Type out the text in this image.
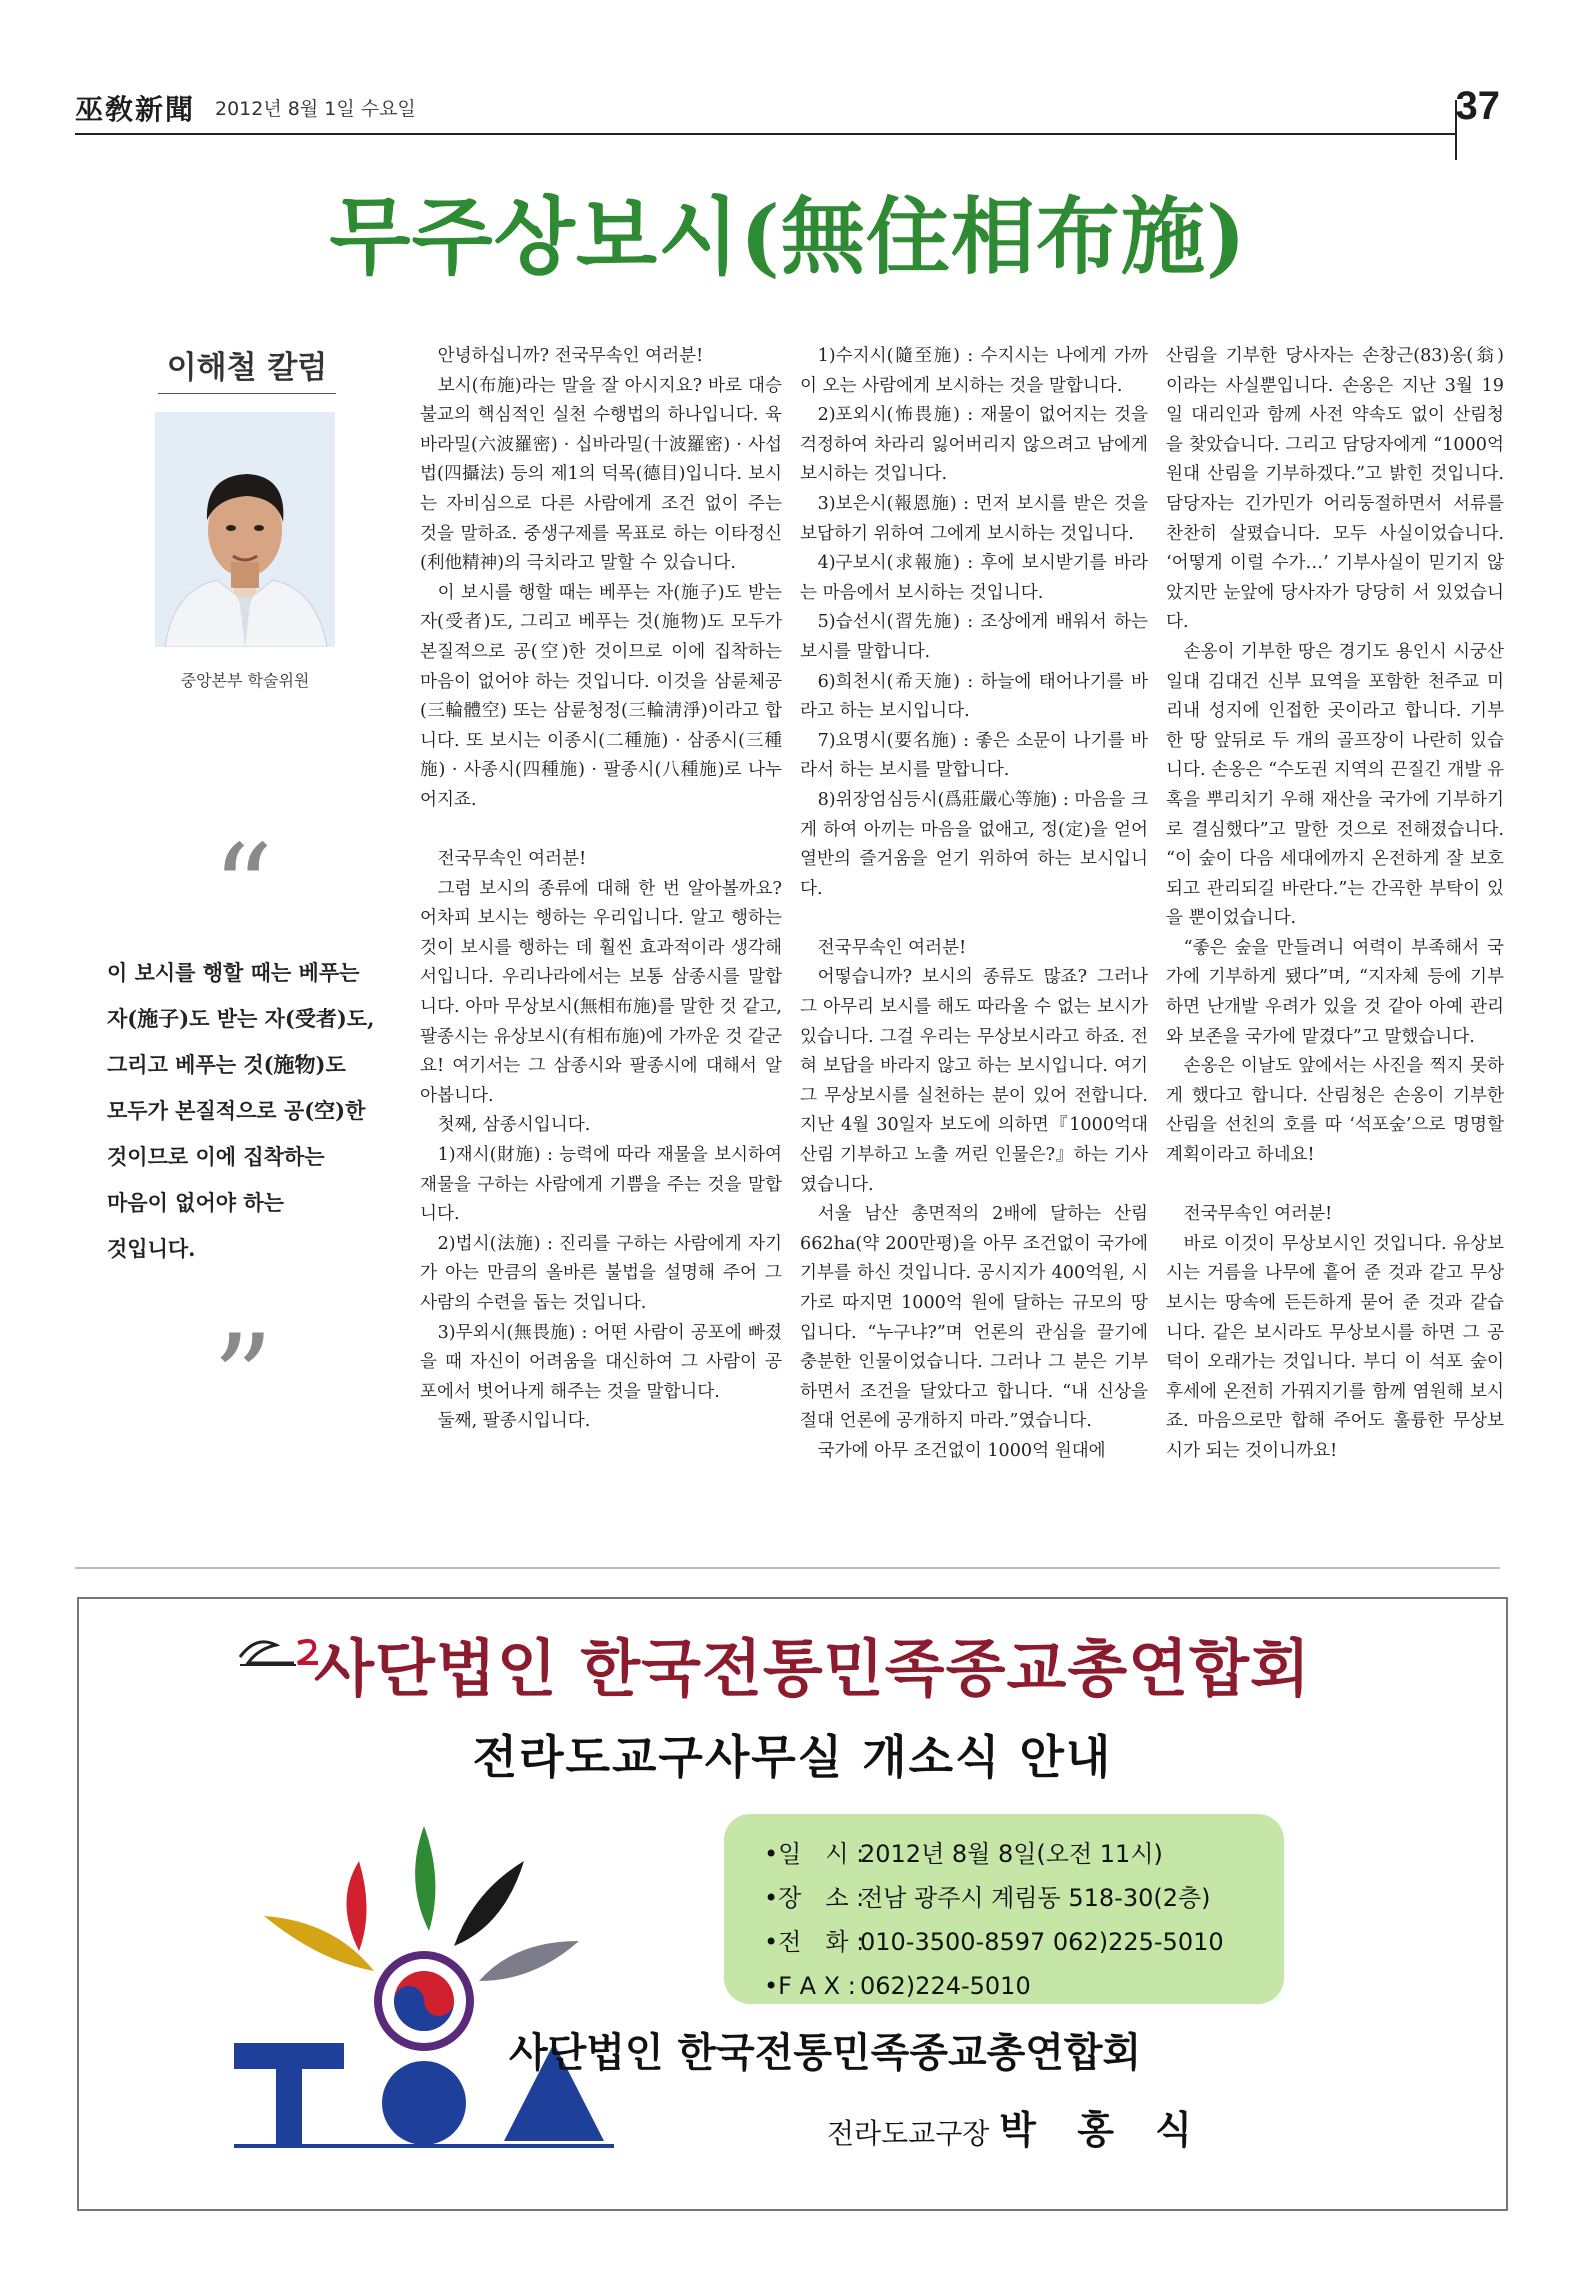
巫敎新聞 2012년 8월 1일 수요일	37
무주상보시(無住相布施)
이해철 칼럼
중앙본부 학술위원
“
이 보시를 행할 때는 베푸는
자(施子)도 받는 자(受者)도,
그리고 베푸는 것(施物)도
모두가 본질적으로 공(空)한
것이므로 이에 집착하는
마음이 없어야 하는
것입니다.
”

안녕하십니까? 전국무속인 여러분!

보시(布施)라는 말을 잘 아시지요? 바로 대승불교의 핵심적인 실천 수행법의 하나입니다. 육바라밀(六波羅密) · 십바라밀(十波羅密) · 사섭법(四攝法) 등의 제1의 덕목(德目)입니다. 보시는 자비심으로 다른 사람에게 조건 없이 주는 것을 말하죠. 중생구제를 목표로 하는 이타정신(利他精神)의 극치라고 말할 수 있습니다.

이 보시를 행할 때는 베푸는 자(施子)도 받는 자(受者)도, 그리고 베푸는 것(施物)도 모두가 본질적으로 공(空)한 것이므로 이에 집착하는 마음이 없어야 하는 것입니다. 이것을 삼륜체공(三輪體空) 또는 삼륜청정(三輪淸淨)이라고 합니다. 또 보시는 이종시(二種施) · 삼종시(三種施) · 사종시(四種施) · 팔종시(八種施)로 나누어지죠.

전국무속인 여러분!

그럼 보시의 종류에 대해 한 번 알아볼까요? 어차피 보시는 행하는 우리입니다. 알고 행하는 것이 보시를 행하는 데 훨씬 효과적이라 생각해서입니다. 우리나라에서는 보통 삼종시를 말합니다. 아마 무상보시(無相布施)를 말한 것 같고, 팔종시는 유상보시(有相布施)에 가까운 것 같군요! 여기서는 그 삼종시와 팔종시에 대해서 알아봅니다.

첫째, 삼종시입니다.

1)재시(財施) : 능력에 따라 재물을 보시하여 재물을 구하는 사람에게 기쁨을 주는 것을 말합니다.

2)법시(法施) : 진리를 구하는 사람에게 자기가 아는 만큼의 올바른 불법을 설명해 주어 그 사람의 수련을 돕는 것입니다.

3)무외시(無畏施) : 어떤 사람이 공포에 빠졌을 때 자신이 어려움을 대신하여 그 사람이 공포에서 벗어나게 해주는 것을 말합니다.

둘째, 팔종시입니다.

1)수지시(隨至施) : 수지시는 나에게 가까이 오는 사람에게 보시하는 것을 말합니다.

2)포외시(怖畏施) : 재물이 없어지는 것을 걱정하여 차라리 잃어버리지 않으려고 남에게 보시하는 것입니다.

3)보은시(報恩施) : 먼저 보시를 받은 것을 보답하기 위하여 그에게 보시하는 것입니다.

4)구보시(求報施) : 후에 보시받기를 바라는 마음에서 보시하는 것입니다.

5)습선시(習先施) : 조상에게 배워서 하는 보시를 말합니다.

6)희천시(希天施) : 하늘에 태어나기를 바라고 하는 보시입니다.

7)요명시(要名施) : 좋은 소문이 나기를 바라서 하는 보시를 말합니다.

8)위장엄심등시(爲莊嚴心等施) : 마음을 크게 하여 아끼는 마음을 없애고, 정(定)을 얻어 열반의 즐거움을 얻기 위하여 하는 보시입니다.

전국무속인 여러분!

어떻습니까? 보시의 종류도 많죠? 그러나 그 아무리 보시를 해도 따라올 수 없는 보시가 있습니다. 그걸 우리는 무상보시라고 하죠. 전혀 보답을 바라지 않고 하는 보시입니다. 여기 그 무상보시를 실천하는 분이 있어 전합니다. 지난 4월 30일자 보도에 의하면『1000억대 산림 기부하고 노출 꺼린 인물은?』하는 기사였습니다.

서울 남산 총면적의 2배에 달하는 산림 662ha(약 200만평)을 아무 조건없이 국가에 기부를 하신 것입니다. 공시지가 400억원, 시가로 따지면 1000억 원에 달하는 규모의 땅입니다. “누구냐?”며 언론의 관심을 끌기에 충분한 인물이었습니다. 그러나 그 분은 기부하면서 조건을 달았다고 합니다. “내 신상을 절대 언론에 공개하지 마라.”였습니다.

국가에 아무 조건없이 1000억 원대에

산림을 기부한 당사자는 손창근(83)옹(翁)이라는 사실뿐입니다. 손옹은 지난 3월 19일 대리인과 함께 사전 약속도 없이 산림청을 찾았습니다. 그리고 담당자에게 “1000억 원대 산림을 기부하겠다.”고 밝힌 것입니다. 담당자는 긴가민가 어리둥절하면서 서류를 찬찬히 살폈습니다. 모두 사실이었습니다. ‘어떻게 이럴 수가…’ 기부사실이 믿기지 않았지만 눈앞에 당사자가 당당히 서 있었습니다.

손옹이 기부한 땅은 경기도 용인시 시궁산 일대 김대건 신부 묘역을 포함한 천주교 미리내 성지에 인접한 곳이라고 합니다. 기부한 땅 앞뒤로 두 개의 골프장이 나란히 있습니다. 손옹은 “수도권 지역의 끈질긴 개발 유혹을 뿌리치기 우해 재산을 국가에 기부하기로 결심했다”고 말한 것으로 전해졌습니다. “이 숲이 다음 세대에까지 온전하게 잘 보호되고 관리되길 바란다.”는 간곡한 부탁이 있을 뿐이었습니다.

“좋은 숲을 만들려니 여력이 부족해서 국가에 기부하게 됐다”며, “지자체 등에 기부하면 난개발 우려가 있을 것 같아 아예 관리와 보존을 국가에 맡겼다”고 말했습니다.

손옹은 이날도 앞에서는 사진을 찍지 못하게 했다고 합니다. 산림청은 손옹이 기부한 산림을 선친의 호를 따 ‘석포숲’으로 명명할 계획이라고 하네요!

전국무속인 여러분!

바로 이것이 무상보시인 것입니다. 유상보시는 거름을 나무에 흩어 준 것과 같고 무상보시는 땅속에 든든하게 묻어 준 것과 같습니다. 같은 보시라도 무상보시를 하면 그 공덕이 오래가는 것입니다. 부디 이 석포 숲이 후세에 온전히 가꿔지기를 함께 염원해 보시죠. 마음으로만 합해 주어도 훌륭한 무상보시가 되는 것이니까요!

사단법인 한국전통민족종교총연합회
전라도교구사무실 개소식 안내
•일　시 :2012년 8월 8일(오전 11시)
•장　소 :전남 광주시 계림동 518-30(2층)
•전　화 :010-3500-8597 062)225-5010
•F A X : 062)224-5010
사단법인 한국전통민족종교총연합회
전라도교구장 박 홍 식
